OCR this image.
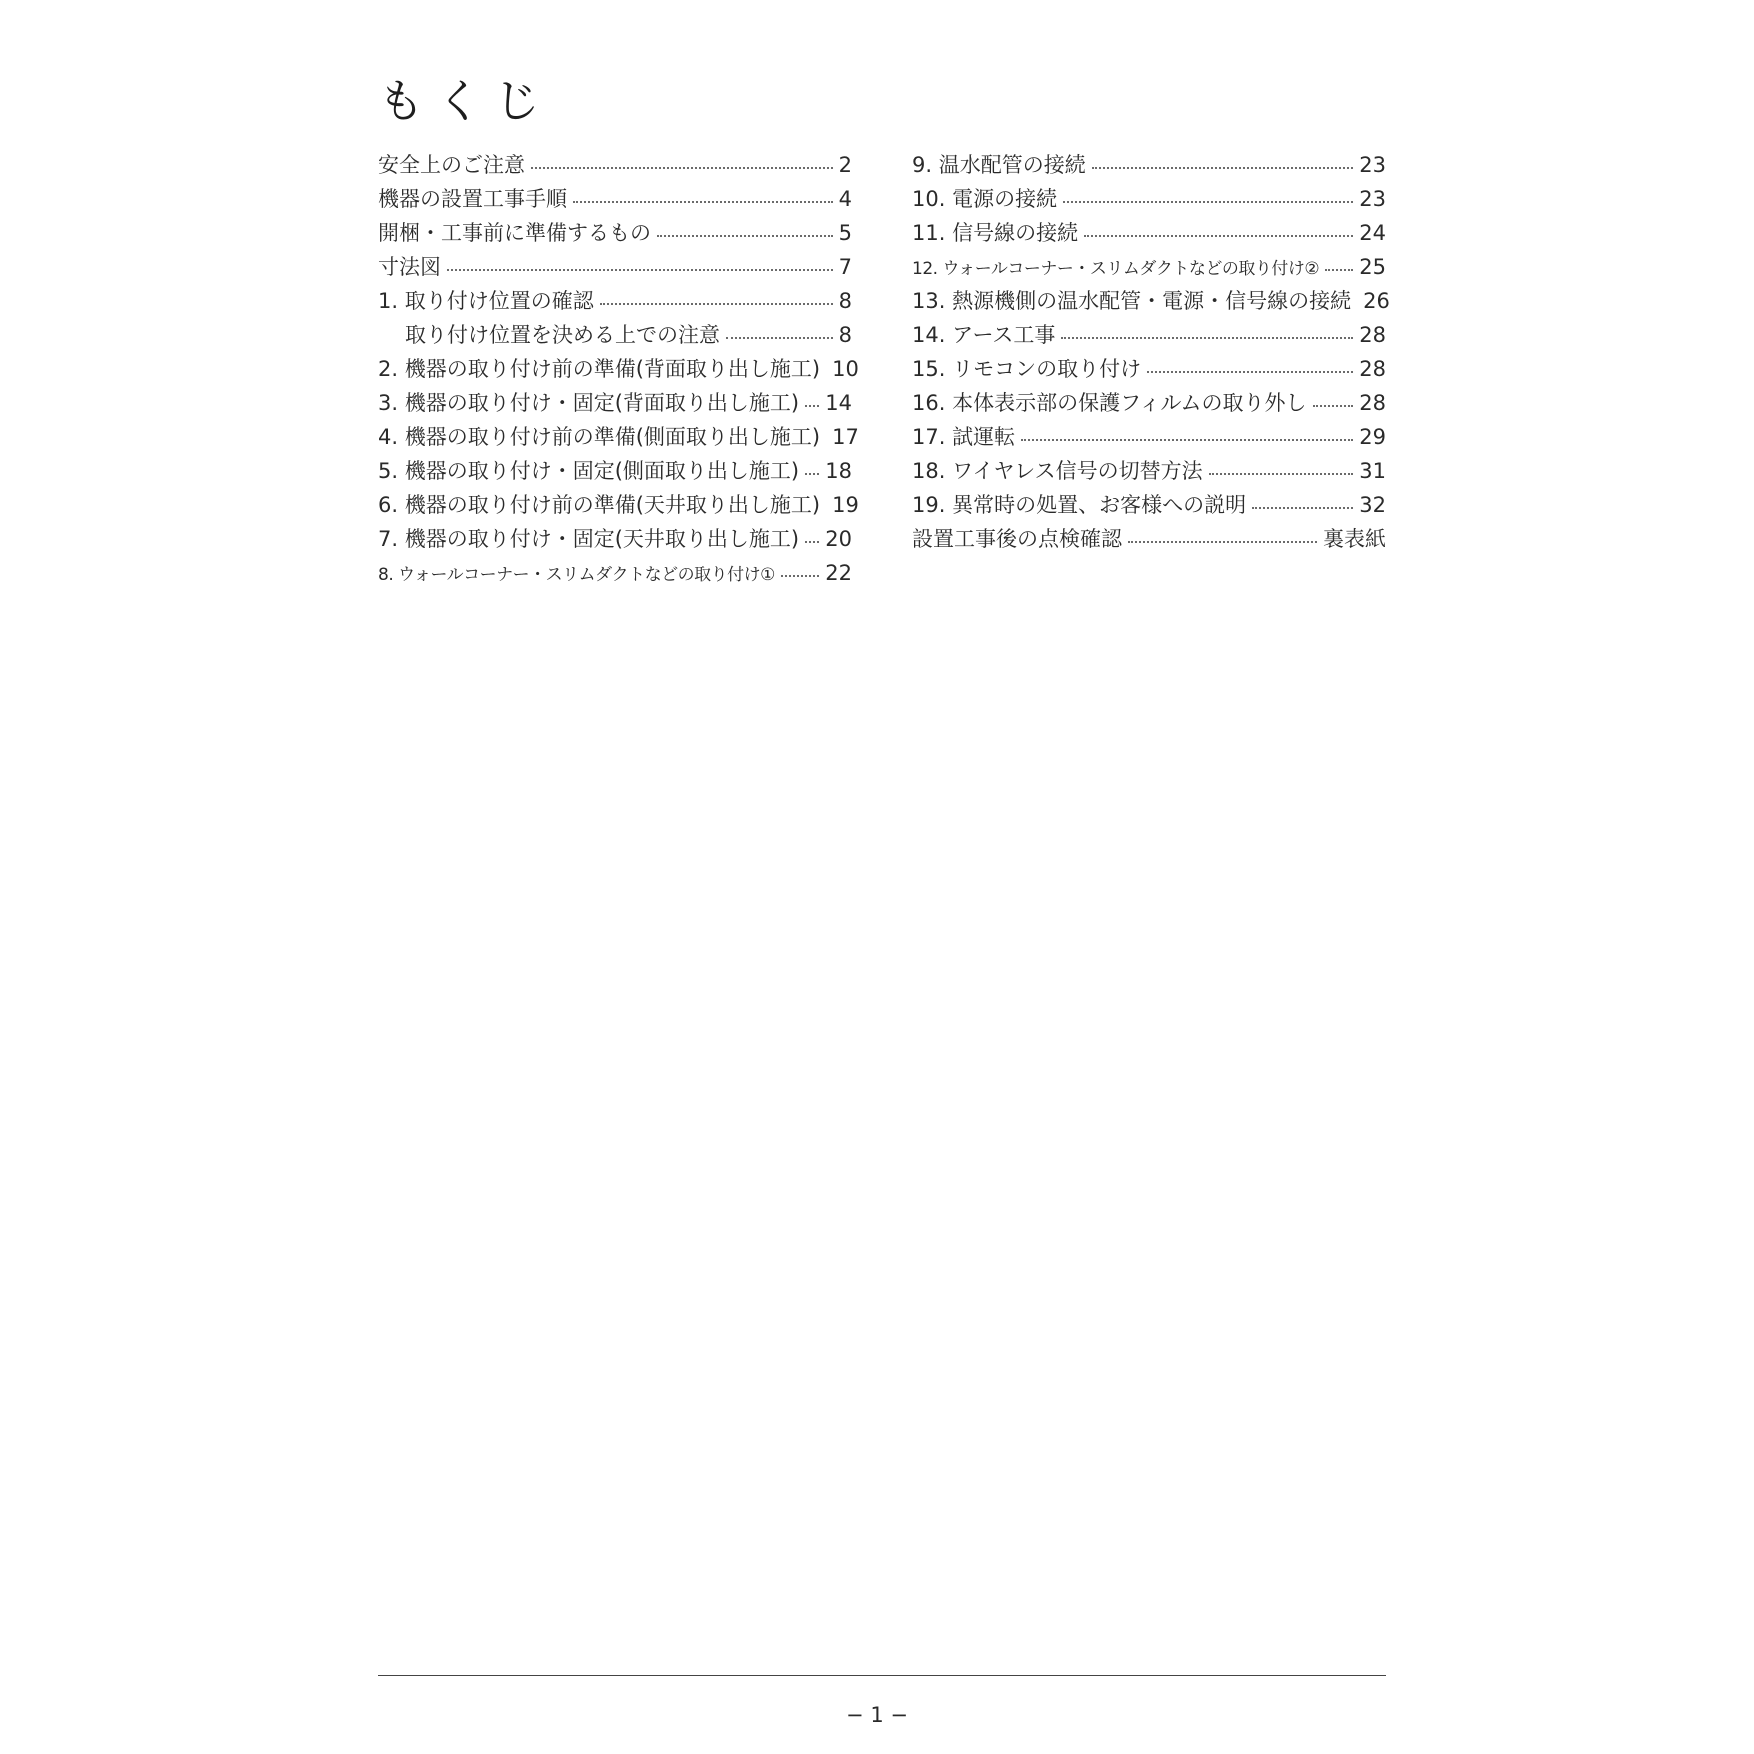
もくじ
安全上のご注意	2
機器の設置工事手順	4
開梱・工事前に準備するもの	5
寸法図	7
1. 取り付け位置の確認	8
取り付け位置を決める上での注意	8
2. 機器の取り付け前の準備(背面取り出し施工) 10
3. 機器の取り付け・固定(背面取り出し施工) 14
4. 機器の取り付け前の準備(側面取り出し施工) 17
5. 機器の取り付け・固定(側面取り出し施工) 18
6. 機器の取り付け前の準備(天井取り出し施工) 19
7. 機器の取り付け・固定(天井取り出し施工) 20
8. ウォールコーナー・スリムダクトなどの取り付け① 22
9. 温水配管の接続	23
10. 電源の接続	23
11. 信号線の接続	24
12. ウォールコーナー・スリムダクトなどの取り付け② 25
13. 熱源機側の温水配管・電源・信号線の接続 26
14. アース工事	28
15. リモコンの取り付け	28
16. 本体表示部の保護フィルムの取り外し	28
17. 試運転	29
18. ワイヤレス信号の切替方法	31
19. 異常時の処置、お客様への説明	32
設置工事後の点検確認	裏表紙
− 1 −
